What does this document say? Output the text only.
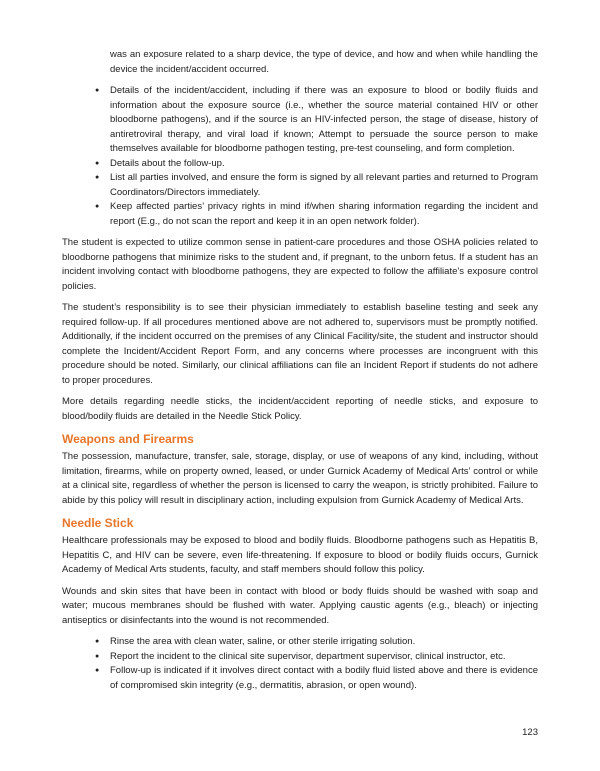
was an exposure related to a sharp device, the type of device, and how and when while handling the device the incident/accident occurred.
● Details of the incident/accident, including if there was an exposure to blood or bodily fluids and information about the exposure source (i.e., whether the source material contained HIV or other bloodborne pathogens), and if the source is an HIV-infected person, the stage of disease, history of antiretroviral therapy, and viral load if known; Attempt to persuade the source person to make themselves available for bloodborne pathogen testing, pre-test counseling, and form completion.
● Details about the follow-up.
● List all parties involved, and ensure the form is signed by all relevant parties and returned to Program Coordinators/Directors immediately.
● Keep affected parties’ privacy rights in mind if/when sharing information regarding the incident and report (E.g., do not scan the report and keep it in an open network folder).

The student is expected to utilize common sense in patient-care procedures and those OSHA policies related to bloodborne pathogens that minimize risks to the student and, if pregnant, to the unborn fetus. If a student has an incident involving contact with bloodborne pathogens, they are expected to follow the affiliate’s exposure control policies.

The student’s responsibility is to see their physician immediately to establish baseline testing and seek any required follow-up. If all procedures mentioned above are not adhered to, supervisors must be promptly notified. Additionally, if the incident occurred on the premises of any Clinical Facility/site, the student and instructor should complete the Incident/Accident Report Form, and any concerns where processes are incongruent with this procedure should be noted. Similarly, our clinical affiliations can file an Incident Report if students do not adhere to proper procedures.

More details regarding needle sticks, the incident/accident reporting of needle sticks, and exposure to blood/bodily fluids are detailed in the Needle Stick Policy.

Weapons and Firearms

The possession, manufacture, transfer, sale, storage, display, or use of weapons of any kind, including, without limitation, firearms, while on property owned, leased, or under Gurnick Academy of Medical Arts’ control or while at a clinical site, regardless of whether the person is licensed to carry the weapon, is strictly prohibited. Failure to abide by this policy will result in disciplinary action, including expulsion from Gurnick Academy of Medical Arts.

Needle Stick

Healthcare professionals may be exposed to blood and bodily fluids. Bloodborne pathogens such as Hepatitis B, Hepatitis C, and HIV can be severe, even life-threatening. If exposure to blood or bodily fluids occurs, Gurnick Academy of Medical Arts students, faculty, and staff members should follow this policy.

Wounds and skin sites that have been in contact with blood or body fluids should be washed with soap and water; mucous membranes should be flushed with water. Applying caustic agents (e.g., bleach) or injecting antiseptics or disinfectants into the wound is not recommended.

● Rinse the area with clean water, saline, or other sterile irrigating solution.
● Report the incident to the clinical site supervisor, department supervisor, clinical instructor, etc.
● Follow-up is indicated if it involves direct contact with a bodily fluid listed above and there is evidence of compromised skin integrity (e.g., dermatitis, abrasion, or open wound).
123
